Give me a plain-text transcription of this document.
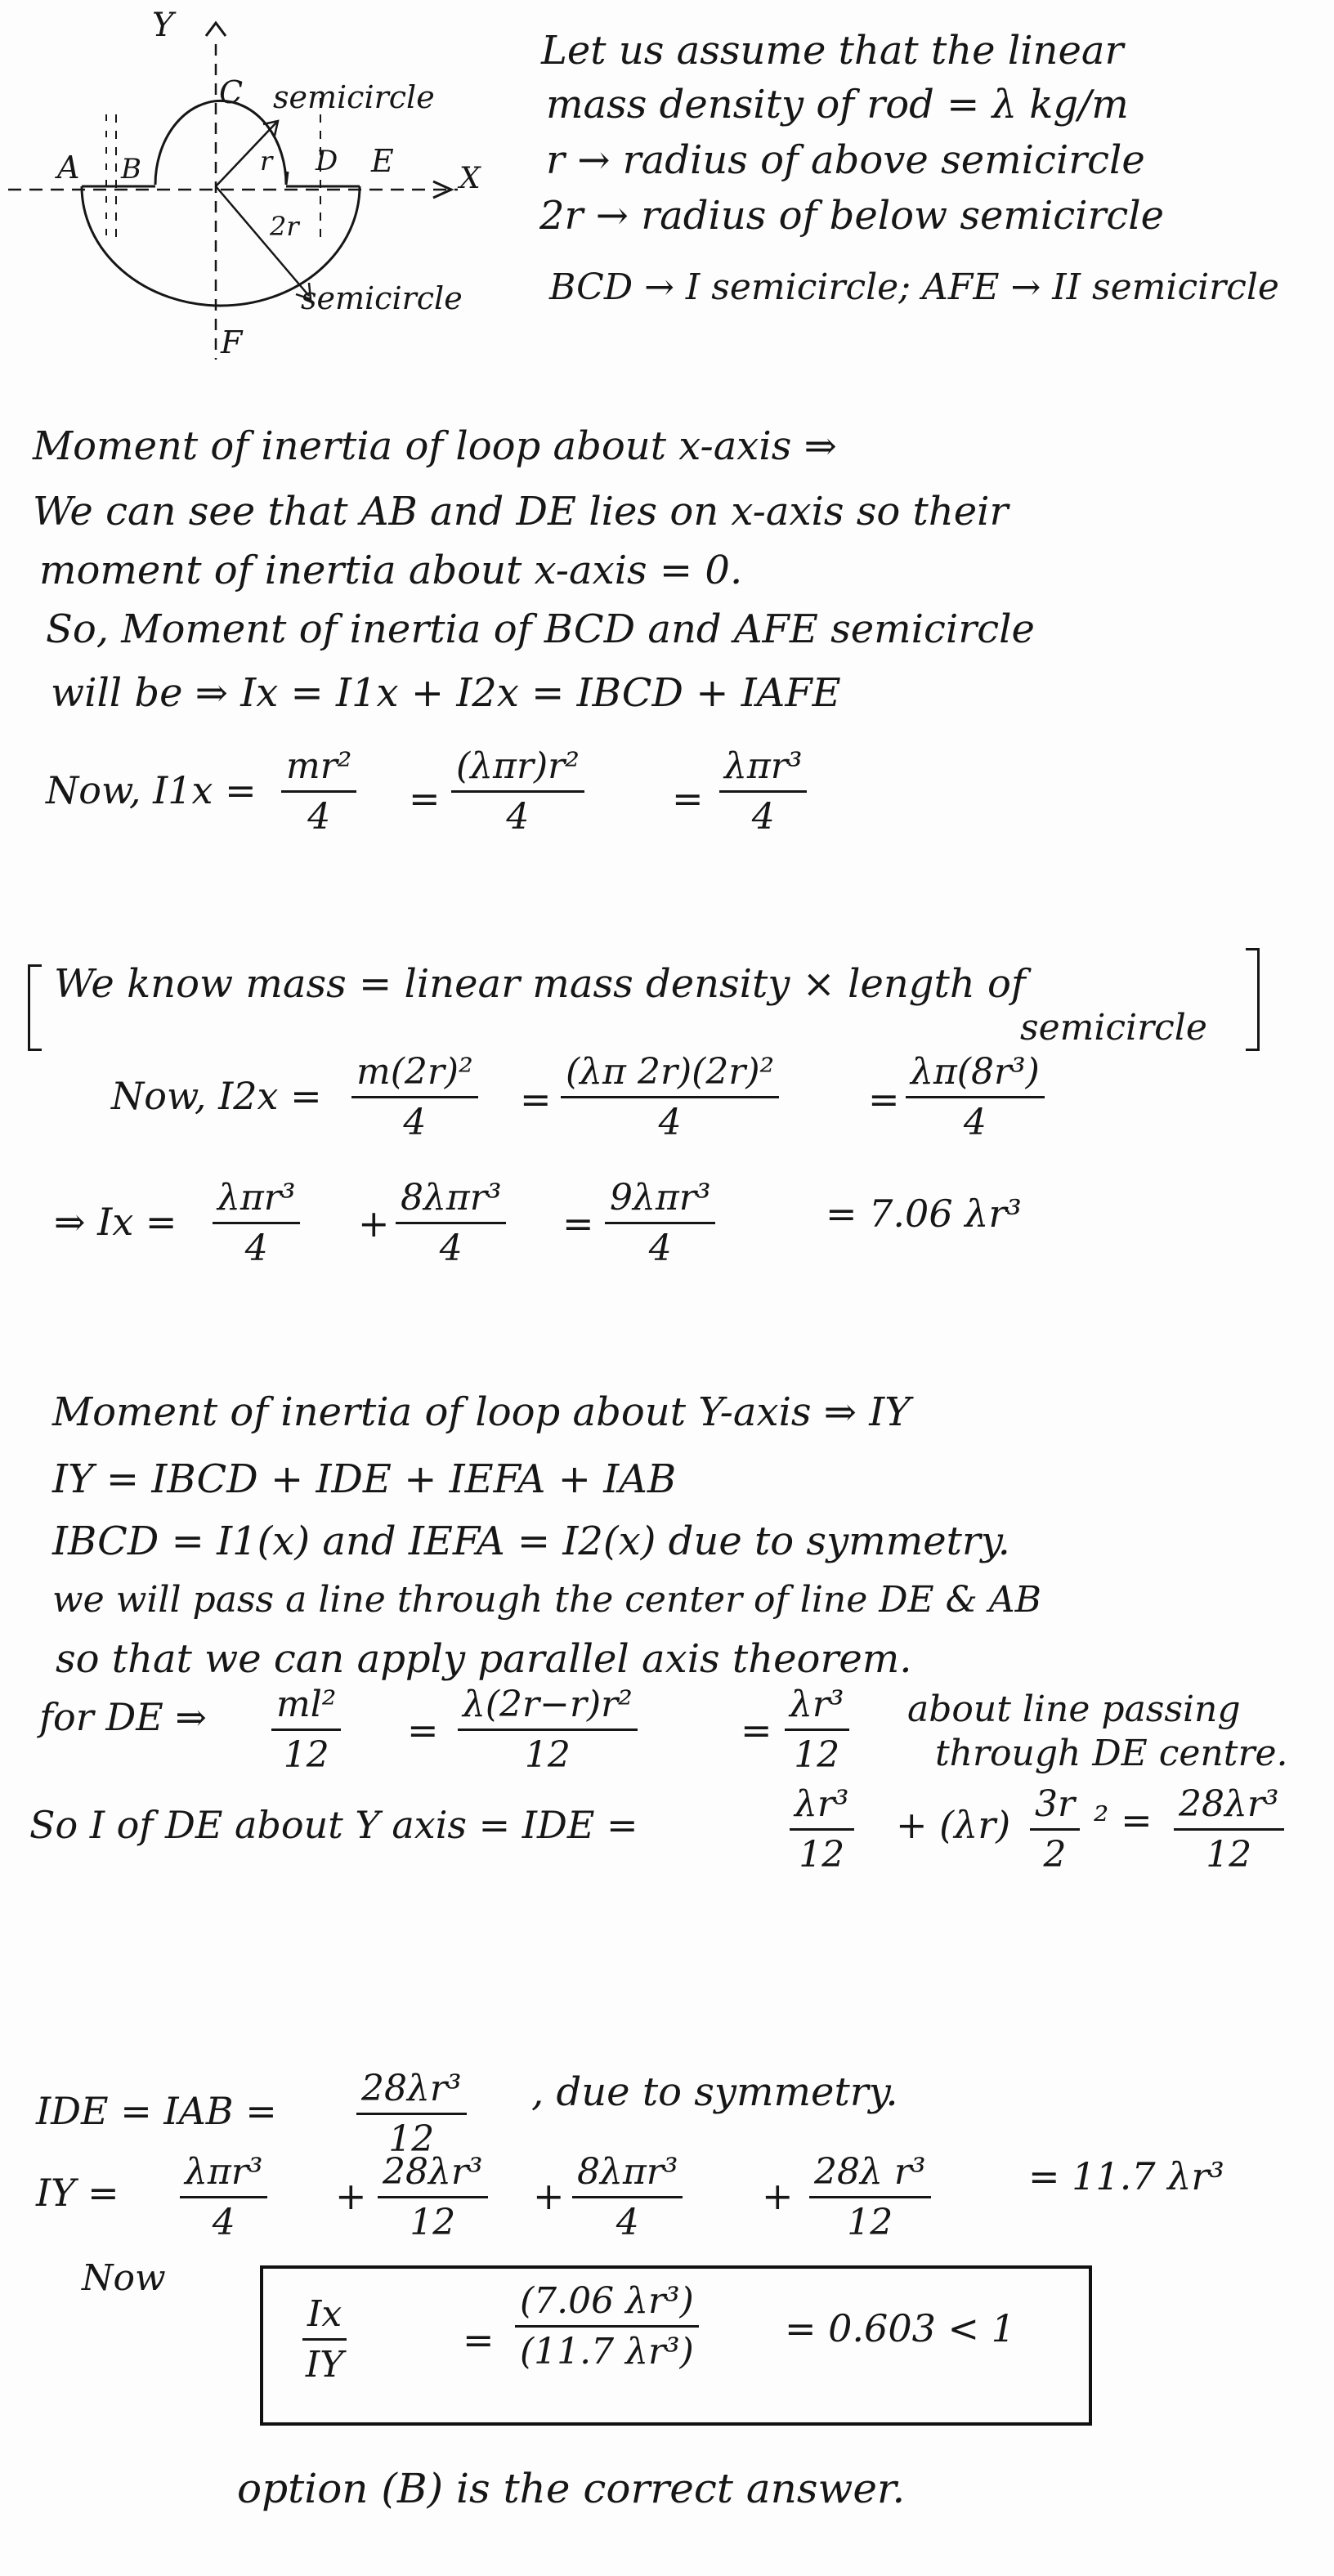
Y
X
A B
C
D E
F
r
2r
semicircle
semicircle
Let us assume that the linear
mass density of rod = λ kg/m
r → radius of above semicircle
2r → radius of below semicircle
BCD → I semicircle; AFE → II semicircle
Moment of inertia of loop about x-axis ⇒
We can see that AB and DE lies on x-axis so their
moment of inertia about x-axis = 0.
So, Moment of inertia of BCD and AFE semicircle
will be ⇒ Ix = I1x + I2x = IBCD + IAFE
Now, $I1x = \frac{\text{mr²}}{4}$ =
(λπr)r²
4	=
λπr³
4
We know mass = linear mass density × length of
semicircle
Now, $I2x = \frac{\text{m(2r)²}}{4} = \frac{\text{(λπ 2r)(2r)²}}{4} = \frac{\text{λπ(8r³)}}{4}$
⇒ Ix =
λπr³
4
+
8λπr³
4
=
9λπr³
4
= 7.06 λr³
Moment of inertia of loop about Y-axis ⇒ IY
IY = IBCD + IDE + IEFA + IAB
IBCD = I1(x) and IEFA = I2(x) due to symmetry.
we will pass a line through the center of line DE & AB
so that we can apply parallel axis theorem.
for DE ⇒ $\frac{\text{ml²}}{12} = \frac{\text{λ(2r−r)r²}}{12}$	= $\frac{\text{λr³}}{12}$ about line passing
through DE centre.
So I of DE about Y axis = IDE =	$\frac{\text{λr³}}{12} + (\lambda r) \frac{3r}{2} ^2 = \frac{\text{28λr³}}{12}$
IDE = IAB = $\frac{\text{28λr³}}{12}$ , due to symmetry.
IY = λπr³
4
+ $\frac{\text{28λr³}}{12}$ +
8λπr³
4
+ $\frac{\text{28λ r³}}{12}$	= 11.7 λr³
Now
$\frac{Ix}{IY}$	= $\frac{\text{(7.06 λr³)}}{\text{(11.7 λr³)}} = 0.603 < 1$
option (B) is the correct answer.
